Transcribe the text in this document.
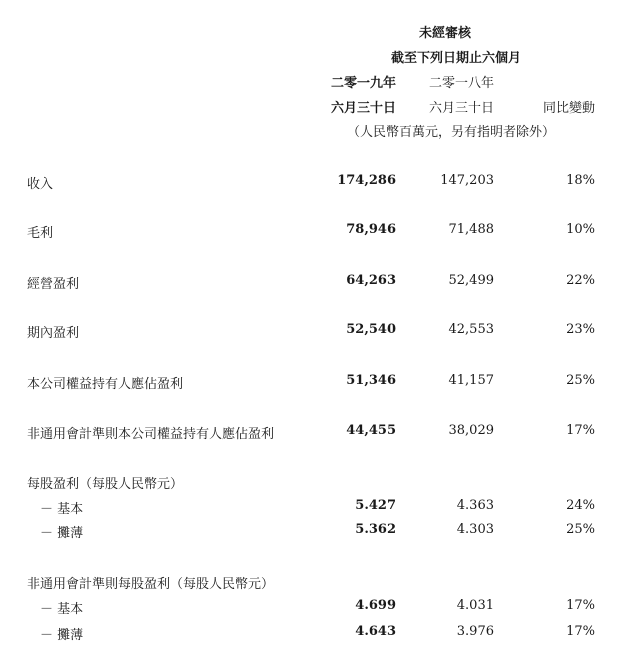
未經審核
截至下列日期止六個月
二零一九年	二零一八年
六月三十日	六月三十日	同比變動
（人民幣百萬元，另有指明者除外）
收入	174,286	147,203	18%
毛利	78,946	71,488	10%
經營盈利	64,263	52,499	22%
期內盈利	52,540	42,553	23%
本公司權益持有人應佔盈利	51,346	41,157	25%
非通用會計準則本公司權益持有人應佔盈利	44,455	38,029	17%
每股盈利（每股人民幣元）
－ 基本	5.427	4.363	24%
－ 攤薄	5.362	4.303	25%
非通用會計準則每股盈利（每股人民幣元）
－ 基本	4.699	4.031	17%
－ 攤薄	4.643	3.976	17%
